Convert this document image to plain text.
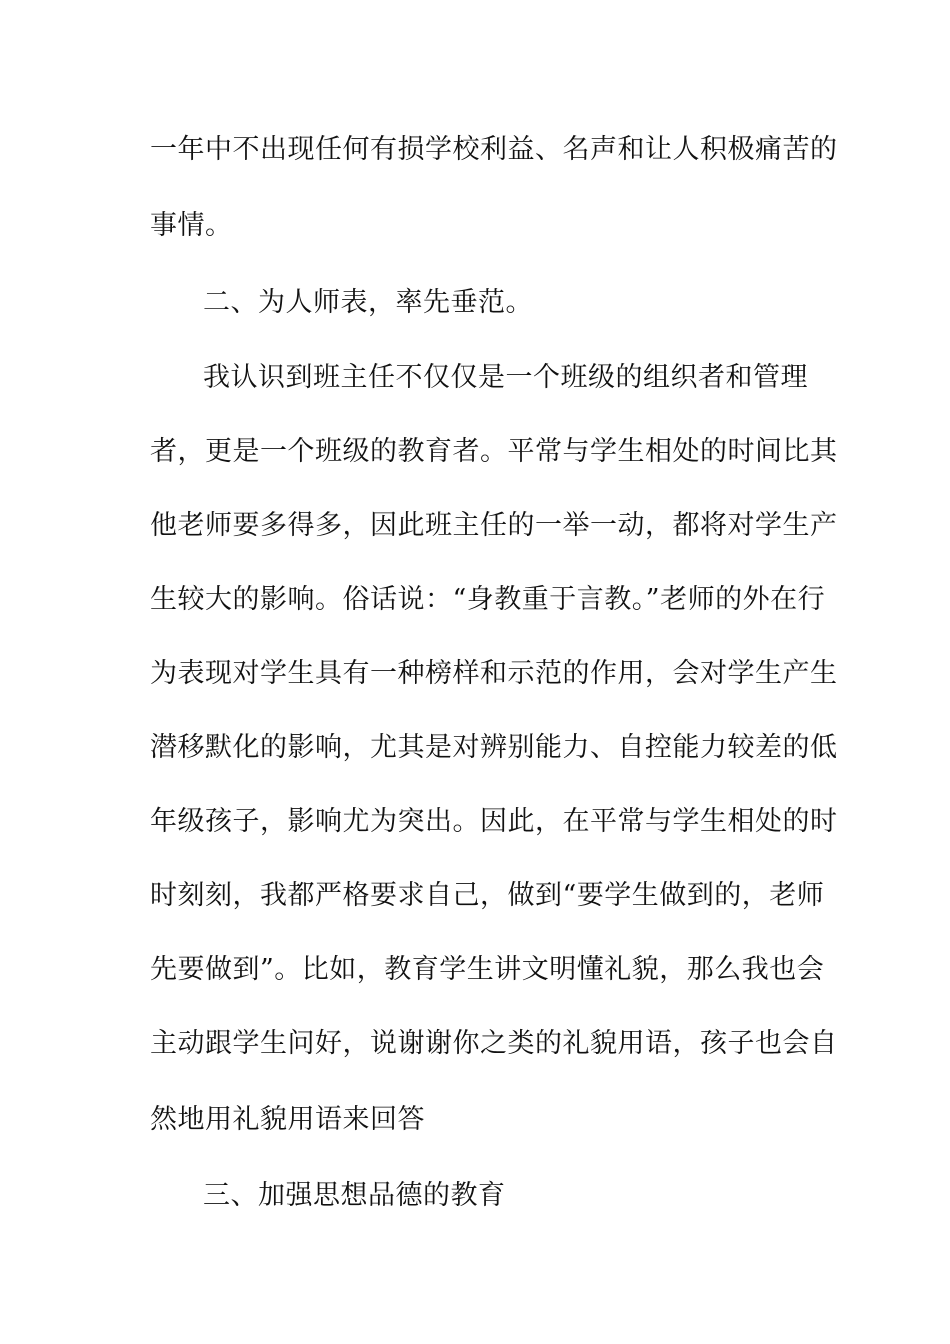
一年中不出现任何有损学校利益、名声和让人积极痛苦的
事情。
二、为人师表，率先垂范。
我认识到班主任不仅仅是一个班级的组织者和管理
者，更是一个班级的教育者。平常与学生相处的时间比其
他老师要多得多，因此班主任的一举一动，都将对学生产
生较大的影响。俗话说：“身教重于言教。”老师的外在行
为表现对学生具有一种榜样和示范的作用，会对学生产生
潜移默化的影响，尤其是对辨别能力、自控能力较差的低
年级孩子，影响尤为突出。因此，在平常与学生相处的时
时刻刻，我都严格要求自己，做到“要学生做到的，老师
先要做到”。比如，教育学生讲文明懂礼貌，那么我也会
主动跟学生问好，说谢谢你之类的礼貌用语，孩子也会自
然地用礼貌用语来回答
三、加强思想品德的教育
